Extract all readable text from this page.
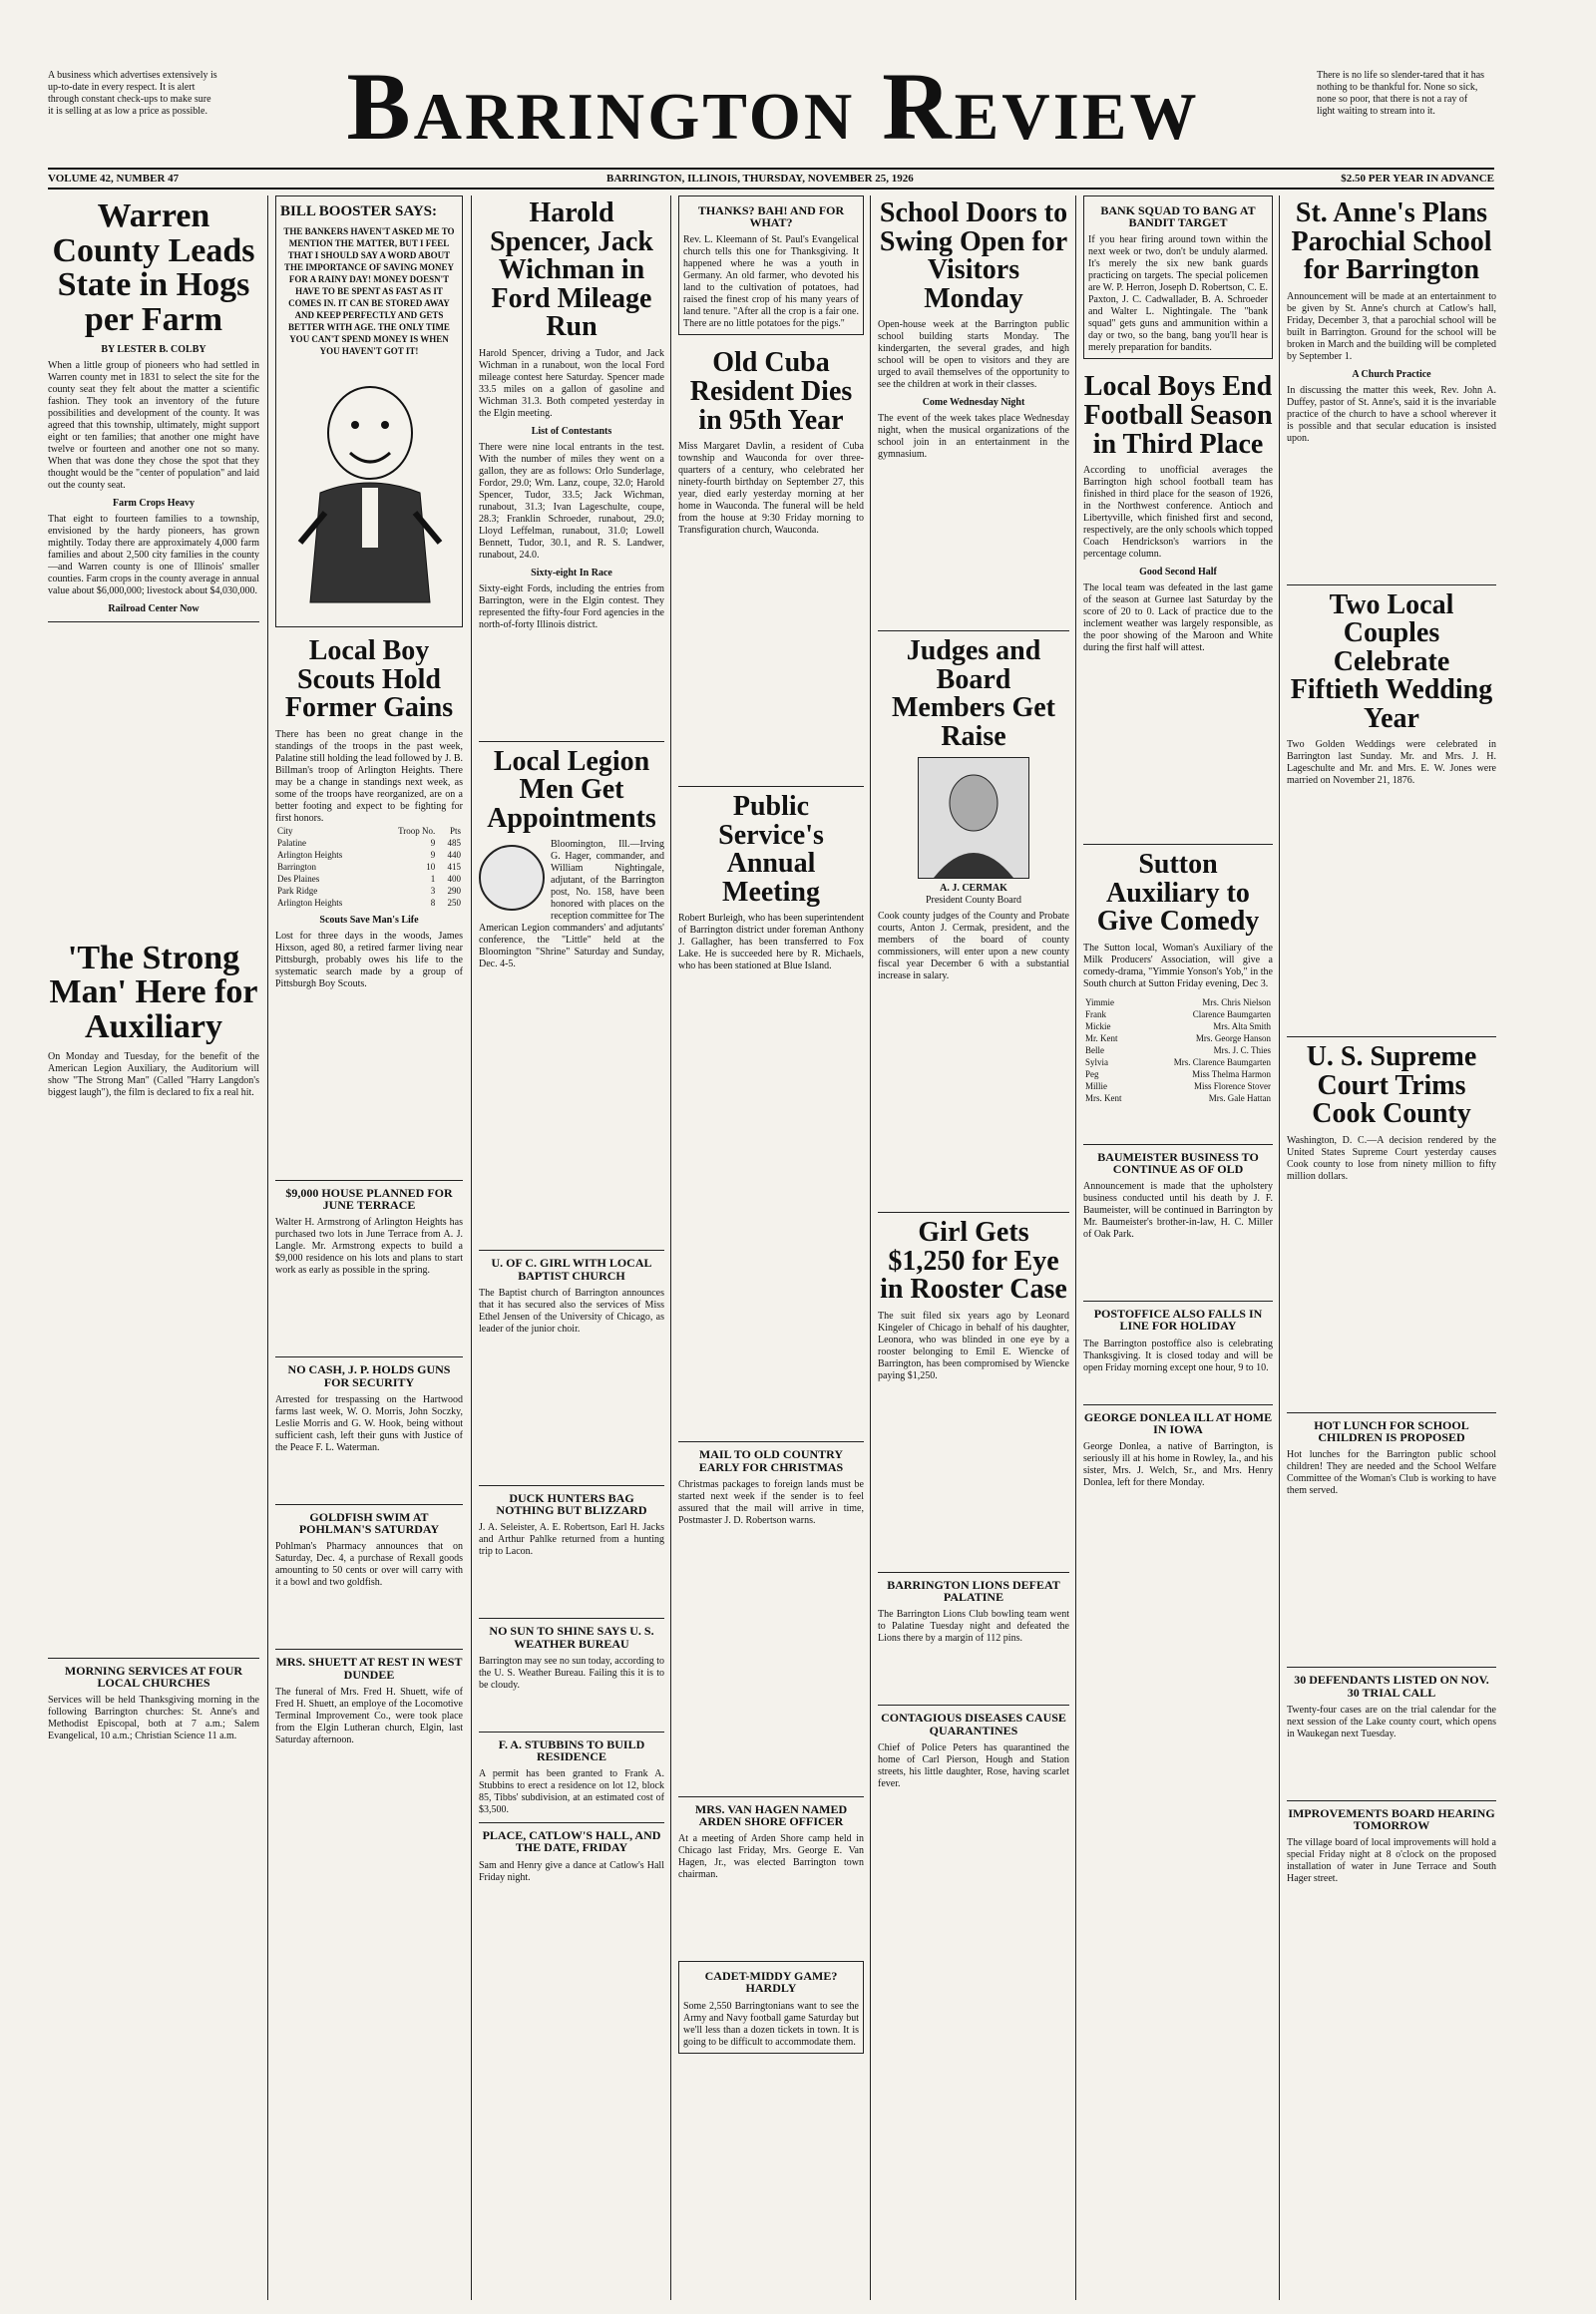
A business which advertises extensively is up-to-date in every respect. It is alert through constant check-ups to make sure it is selling at as low a price as possible.	Barrington Review	There is no life so slender-tared that it has nothing to be thankful for. None so sick, none so poor, that there is not a ray of light waiting to stream into it.
VOLUME 42, NUMBER 47	BARRINGTON, ILLINOIS, THURSDAY, NOVEMBER 25, 1926	$2.50 PER YEAR IN ADVANCE
Warren County Leads State in Hogs per Farm
BY LESTER B. COLBY
When a little group of pioneers who had settled in Warren county met in 1831 to select the site for the county seat they felt about the matter a scientific fashion. They took an inventory of the future possibilities and development of the county. It was agreed that this township, ultimately, might support eight or ten families; that another one might have twelve or fourteen and another one not so many. When that was done they chose the spot that they thought would be the "center of population" and laid out the county seat.
Farm Crops Heavy
That eight to fourteen families to a township, envisioned by the hardy pioneers, has grown mightily. Today there are approximately 4,000 farm families and about 2,500 city families in the county—and Warren county is one of Illinois' smaller counties. Farm crops in the county average in annual value about $6,000,000; livestock about $4,030,000.
Railroad Center Now
'The Strong Man' Here for Auxiliary
On Monday and Tuesday, for the benefit of the American Legion Auxiliary, the Auditorium will show "The Strong Man" (Called "Harry Langdon's biggest laugh"), the film is declared to fix a real hit.
MORNING SERVICES AT FOUR LOCAL CHURCHES
Services will be held Thanksgiving morning in the following Barrington churches: St. Anne's and Methodist Episcopal, both at 7 a.m.; Salem Evangelical, 10 a.m.; Christian Science 11 a.m.
BILL BOOSTER SAYS:
THE BANKERS HAVEN'T ASKED ME TO MENTION THE MATTER, BUT I FEEL THAT I SHOULD SAY A WORD ABOUT THE IMPORTANCE OF SAVING MONEY FOR A RAINY DAY! MONEY DOESN'T HAVE TO BE SPENT AS FAST AS IT COMES IN. IT CAN BE STORED AWAY AND KEEP PERFECTLY AND GETS BETTER WITH AGE. THE ONLY TIME YOU CAN'T SPEND MONEY IS WHEN YOU HAVEN'T GOT IT!
Local Boy Scouts Hold Former Gains
There has been no great change in the standings of the troops in the past week, Palatine still holding the lead followed by J. B. Billman's troop of Arlington Heights. There may be a change in standings next week, as some of the troops have reorganized, are on a better footing and expect to be fighting for first honors.
City	Troop No.	Pts
Palatine	9	485
Arlington Heights	9	440
Barrington	10	415
Des Plaines	1	400
Park Ridge	3	290
Arlington Heights	8	250
Scouts Save Man's Life
Lost for three days in the woods, James Hixson, aged 80, a retired farmer living near Pittsburgh, probably owes his life to the systematic search made by a group of Pittsburgh Boy Scouts.
$9,000 HOUSE PLANNED FOR JUNE TERRACE
Walter H. Armstrong of Arlington Heights has purchased two lots in June Terrace from A. J. Langle. Mr. Armstrong expects to build a $9,000 residence on his lots and plans to start work as early as possible in the spring.
NO CASH, J. P. HOLDS GUNS FOR SECURITY
Arrested for trespassing on the Hartwood farms last week, W. O. Morris, John Soczky, Leslie Morris and G. W. Hook, being without sufficient cash, left their guns with Justice of the Peace F. L. Waterman.
GOLDFISH SWIM AT POHLMAN'S SATURDAY
Pohlman's Pharmacy announces that on Saturday, Dec. 4, a purchase of Rexall goods amounting to 50 cents or over will carry with it a bowl and two goldfish.
MRS. SHUETT AT REST IN WEST DUNDEE
The funeral of Mrs. Fred H. Shuett, wife of Fred H. Shuett, an employe of the Locomotive Terminal Improvement Co., were took place from the Elgin Lutheran church, Elgin, last Saturday afternoon.
Harold Spencer, Jack Wichman in Ford Mileage Run
Harold Spencer, driving a Tudor, and Jack Wichman in a runabout, won the local Ford mileage contest here Saturday. Spencer made 33.5 miles on a gallon of gasoline and Wichman 31.3. Both competed yesterday in the Elgin meeting.
List of Contestants
There were nine local entrants in the test. With the number of miles they went on a gallon, they are as follows: Orlo Sunderlage, Fordor, 29.0; Wm. Lanz, coupe, 32.0; Harold Spencer, Tudor, 33.5; Jack Wichman, runabout, 31.3; Ivan Lageschulte, coupe, 28.3; Franklin Schroeder, runabout, 29.0; Lloyd Leffelman, runabout, 31.0; Lowell Bennett, Tudor, 30.1, and R. S. Landwer, runabout, 24.0.
Sixty-eight In Race
Sixty-eight Fords, including the entries from Barrington, were in the Elgin contest. They represented the fifty-four Ford agencies in the north-of-forty Illinois district.
Local Legion Men Get Appointments
Bloomington, Ill.—Irving G. Hager, commander, and William Nightingale, adjutant, of the Barrington post, No. 158, have been honored with places on the reception committee for The American Legion commanders' and adjutants' conference, the "Little" held at the Bloomington "Shrine" Saturday and Sunday, Dec. 4-5.
U. OF C. GIRL WITH LOCAL BAPTIST CHURCH
The Baptist church of Barrington announces that it has secured also the services of Miss Ethel Jensen of the University of Chicago, as leader of the junior choir.
DUCK HUNTERS BAG NOTHING BUT BLIZZARD
J. A. Seleister, A. E. Robertson, Earl H. Jacks and Arthur Pahlke returned from a hunting trip to Lacon.
NO SUN TO SHINE SAYS U. S. WEATHER BUREAU
Barrington may see no sun today, according to the U. S. Weather Bureau. Failing this it is to be cloudy.
F. A. STUBBINS TO BUILD RESIDENCE
A permit has been granted to Frank A. Stubbins to erect a residence on lot 12, block 85, Tibbs' subdivision, at an estimated cost of $3,500.
PLACE, CATLOW'S HALL, AND THE DATE, FRIDAY
Sam and Henry give a dance at Catlow's Hall Friday night.
THANKS? BAH! AND FOR WHAT?
Rev. L. Kleemann of St. Paul's Evangelical church tells this one for Thanksgiving. It happened where he was a youth in Germany. An old farmer, who devoted his land to the cultivation of potatoes, had raised the finest crop of his many years of land tenure. "After all the crop is a fair one. There are no little potatoes for the pigs."
Old Cuba Resident Dies in 95th Year
Miss Margaret Davlin, a resident of Cuba township and Wauconda for over three-quarters of a century, who celebrated her ninety-fourth birthday on September 27, this year, died early yesterday morning at her home in Wauconda. The funeral will be held from the house at 9:30 Friday morning to Transfiguration church, Wauconda.
Public Service's Annual Meeting
Robert Burleigh, who has been superintendent of Barrington district under foreman Anthony J. Gallagher, has been transferred to Fox Lake. He is succeeded here by R. Michaels, who has been stationed at Blue Island.
MAIL TO OLD COUNTRY EARLY FOR CHRISTMAS
Christmas packages to foreign lands must be started next week if the sender is to feel assured that the mail will arrive in time, Postmaster J. D. Robertson warns.
MRS. VAN HAGEN NAMED ARDEN SHORE OFFICER
At a meeting of Arden Shore camp held in Chicago last Friday, Mrs. George E. Van Hagen, Jr., was elected Barrington town chairman.
CADET-MIDDY GAME? HARDLY
Some 2,550 Barringtonians want to see the Army and Navy football game Saturday but we'll less than a dozen tickets in town. It is going to be difficult to accommodate them.
School Doors to Swing Open for Visitors Monday
Open-house week at the Barrington public school building starts Monday. The kindergarten, the several grades, and high school will be open to visitors and they are urged to avail themselves of the opportunity to see the children at work in their classes.
Come Wednesday Night
The event of the week takes place Wednesday night, when the musical organizations of the school join in an entertainment in the gymnasium.
Judges and Board Members Get Raise
A. J. CERMAK
President County Board
Cook county judges of the County and Probate courts, Anton J. Cermak, president, and the members of the board of county commissioners, will enter upon a new county fiscal year December 6 with a substantial increase in salary.
Girl Gets $1,250 for Eye in Rooster Case
The suit filed six years ago by Leonard Kingeler of Chicago in behalf of his daughter, Leonora, who was blinded in one eye by a rooster belonging to Emil E. Wiencke of Barrington, has been compromised by Wiencke paying $1,250.
BARRINGTON LIONS DEFEAT PALATINE
The Barrington Lions Club bowling team went to Palatine Tuesday night and defeated the Lions there by a margin of 112 pins.
CONTAGIOUS DISEASES CAUSE QUARANTINES
Chief of Police Peters has quarantined the home of Carl Pierson, Hough and Station streets, his little daughter, Rose, having scarlet fever.
BANK SQUAD TO BANG AT BANDIT TARGET
If you hear firing around town within the next week or two, don't be unduly alarmed. It's merely the six new bank guards practicing on targets. The special policemen are W. P. Herron, Joseph D. Robertson, C. E. Paxton, J. C. Cadwallader, B. A. Schroeder and Walter L. Nightingale. The "bank squad" gets guns and ammunition within a day or two, so the bang, bang you'll hear is merely preparation for bandits.
Local Boys End Football Season in Third Place
According to unofficial averages the Barrington high school football team has finished in third place for the season of 1926, in the Northwest conference. Antioch and Libertyville, which finished first and second, respectively, are the only schools which topped Coach Hendrickson's warriors in the percentage column.
Good Second Half
The local team was defeated in the last game of the season at Gurnee last Saturday by the score of 20 to 0. Lack of practice due to the inclement weather was largely responsible, as the poor showing of the Maroon and White during the first half will attest.
Sutton Auxiliary to Give Comedy
The Sutton local, Woman's Auxiliary of the Milk Producers' Association, will give a comedy-drama, "Yimmie Yonson's Yob," in the South church at Sutton Friday evening, Dec 3.
Yimmie	Mrs. Chris Nielson
Frank	Clarence Baumgarten
Mickie	Mrs. Alta Smith
Mr. Kent	Mrs. George Hanson
Belle	Mrs. J. C. Thies
Sylvia	Mrs. Clarence Baumgarten
Peg	Miss Thelma Harmon
Millie	Miss Florence Stover
Mrs. Kent	Mrs. Gale Hattan
BAUMEISTER BUSINESS TO CONTINUE AS OF OLD
Announcement is made that the upholstery business conducted until his death by J. F. Baumeister, will be continued in Barrington by Mr. Baumeister's brother-in-law, H. C. Miller of Oak Park.
POSTOFFICE ALSO FALLS IN LINE FOR HOLIDAY
The Barrington postoffice also is celebrating Thanksgiving. It is closed today and will be open Friday morning except one hour, 9 to 10.
GEORGE DONLEA ILL AT HOME IN IOWA
George Donlea, a native of Barrington, is seriously ill at his home in Rowley, Ia., and his sister, Mrs. J. Welch, Sr., and Mrs. Henry Donlea, left for there Monday.
St. Anne's Plans Parochial School for Barrington
Announcement will be made at an entertainment to be given by St. Anne's church at Catlow's hall, Friday, December 3, that a parochial school will be built in Barrington. Ground for the school will be broken in March and the building will be completed by September 1.
A Church Practice
In discussing the matter this week, Rev. John A. Duffey, pastor of St. Anne's, said it is the invariable practice of the church to have a school wherever it is possible and that secular education is insisted upon.
Two Local Couples Celebrate Fiftieth Wedding Year
Two Golden Weddings were celebrated in Barrington last Sunday. Mr. and Mrs. J. H. Lageschulte and Mr. and Mrs. E. W. Jones were married on November 21, 1876.
U. S. Supreme Court Trims Cook County
Washington, D. C.—A decision rendered by the United States Supreme Court yesterday causes Cook county to lose from ninety million to fifty million dollars.
HOT LUNCH FOR SCHOOL CHILDREN IS PROPOSED
Hot lunches for the Barrington public school children! They are needed and the School Welfare Committee of the Woman's Club is working to have them served.
30 DEFENDANTS LISTED ON NOV. 30 TRIAL CALL
Twenty-four cases are on the trial calendar for the next session of the Lake county court, which opens in Waukegan next Tuesday.
IMPROVEMENTS BOARD HEARING TOMORROW
The village board of local improvements will hold a special Friday night at 8 o'clock on the proposed installation of water in June Terrace and South Hager street.
